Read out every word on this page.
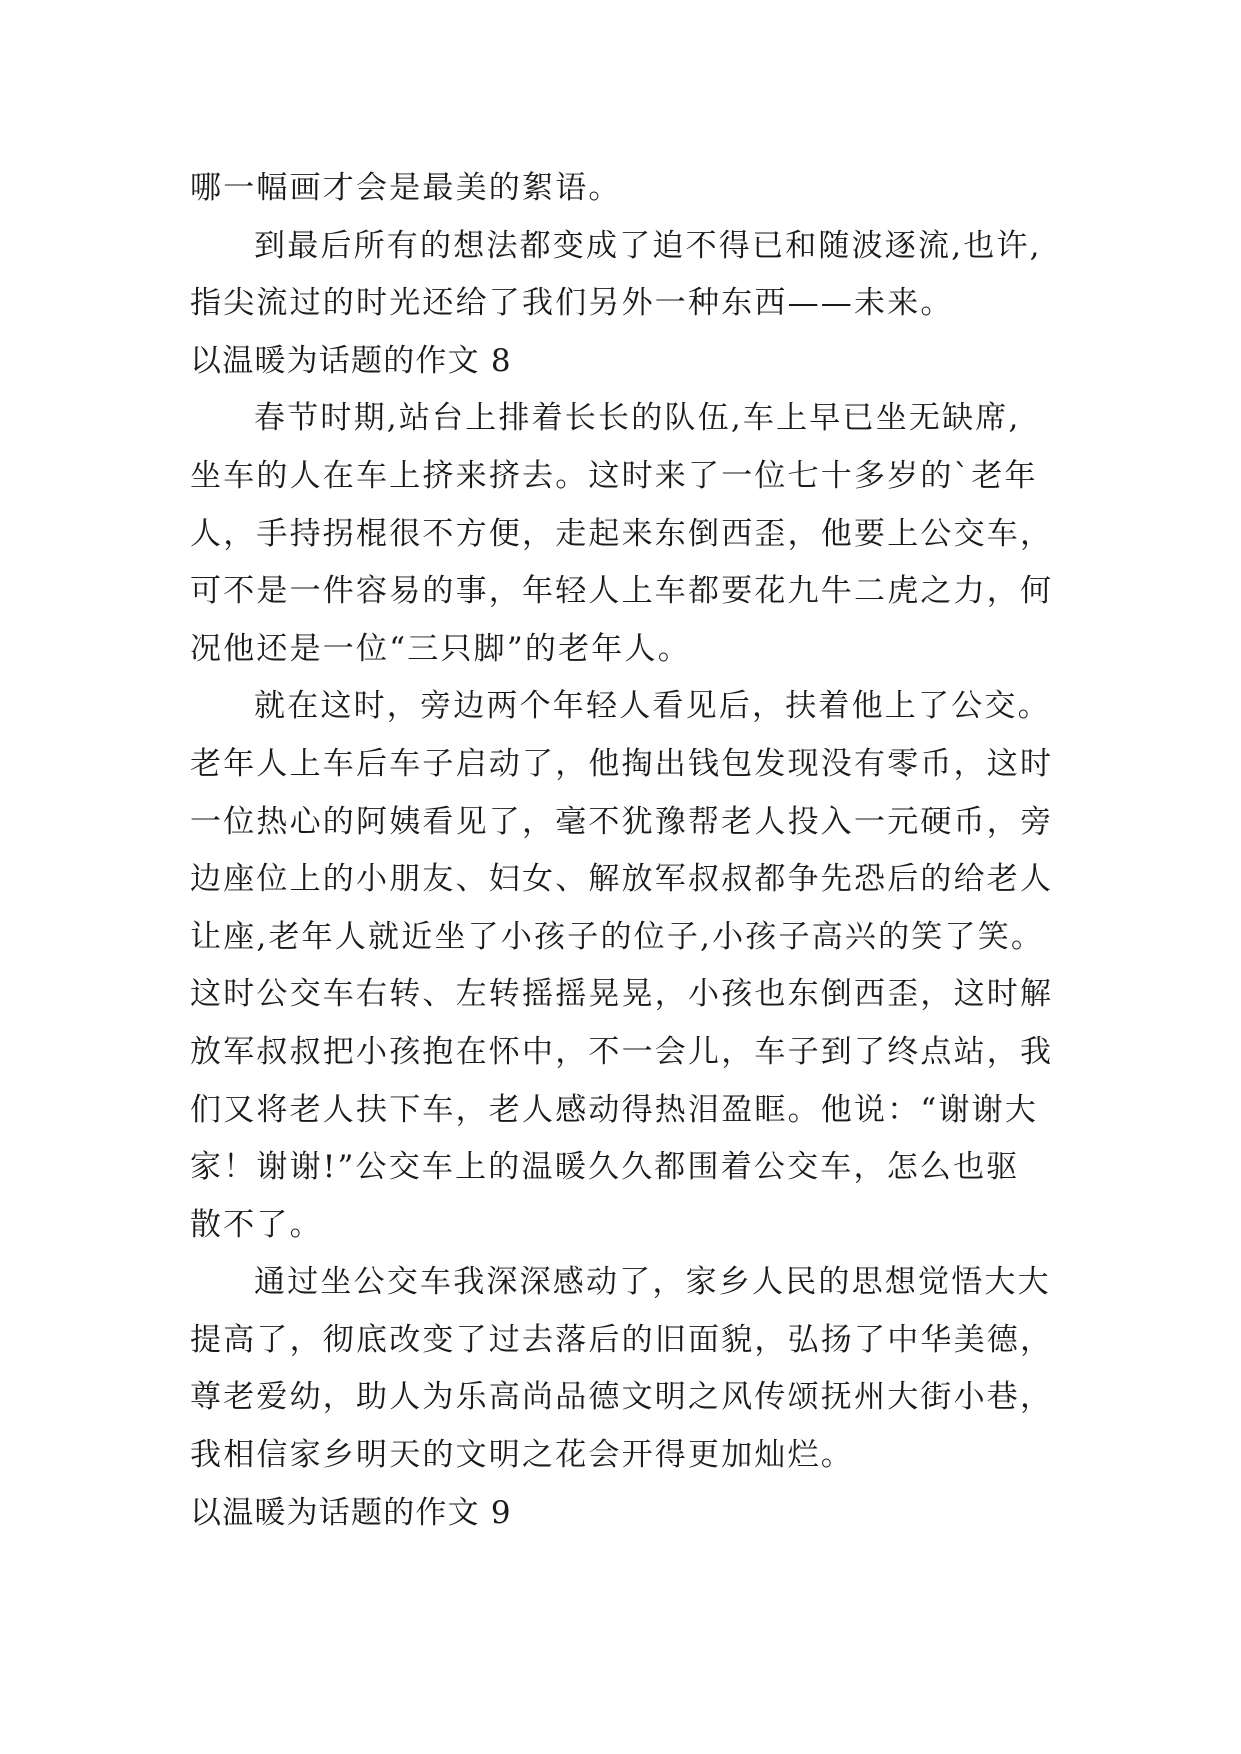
哪一幅画才会是最美的絮语。
到最后所有的想法都变成了迫不得已和随波逐流,也许,
指尖流过的时光还给了我们另外一种东西——未来。
以温暖为话题的作文 8
春节时期,站台上排着长长的队伍,车上早已坐无缺席,
坐车的人在车上挤来挤去。这时来了一位七十多岁的`老年
人，手持拐棍很不方便，走起来东倒西歪，他要上公交车，
可不是一件容易的事，年轻人上车都要花九牛二虎之力，何
况他还是一位“三只脚”的老年人。
就在这时，旁边两个年轻人看见后，扶着他上了公交。
老年人上车后车子启动了，他掏出钱包发现没有零币，这时
一位热心的阿姨看见了，毫不犹豫帮老人投入一元硬币，旁
边座位上的小朋友、妇女、解放军叔叔都争先恐后的给老人
让座,老年人就近坐了小孩子的位子,小孩子高兴的笑了笑。
这时公交车右转、左转摇摇晃晃，小孩也东倒西歪，这时解
放军叔叔把小孩抱在怀中，不一会儿，车子到了终点站，我
们又将老人扶下车，老人感动得热泪盈眶。他说：“谢谢大
家！谢谢!”公交车上的温暖久久都围着公交车，怎么也驱
散不了。
通过坐公交车我深深感动了，家乡人民的思想觉悟大大
提高了，彻底改变了过去落后的旧面貌，弘扬了中华美德，
尊老爱幼，助人为乐高尚品德文明之风传颂抚州大街小巷，
我相信家乡明天的文明之花会开得更加灿烂。
以温暖为话题的作文 9
